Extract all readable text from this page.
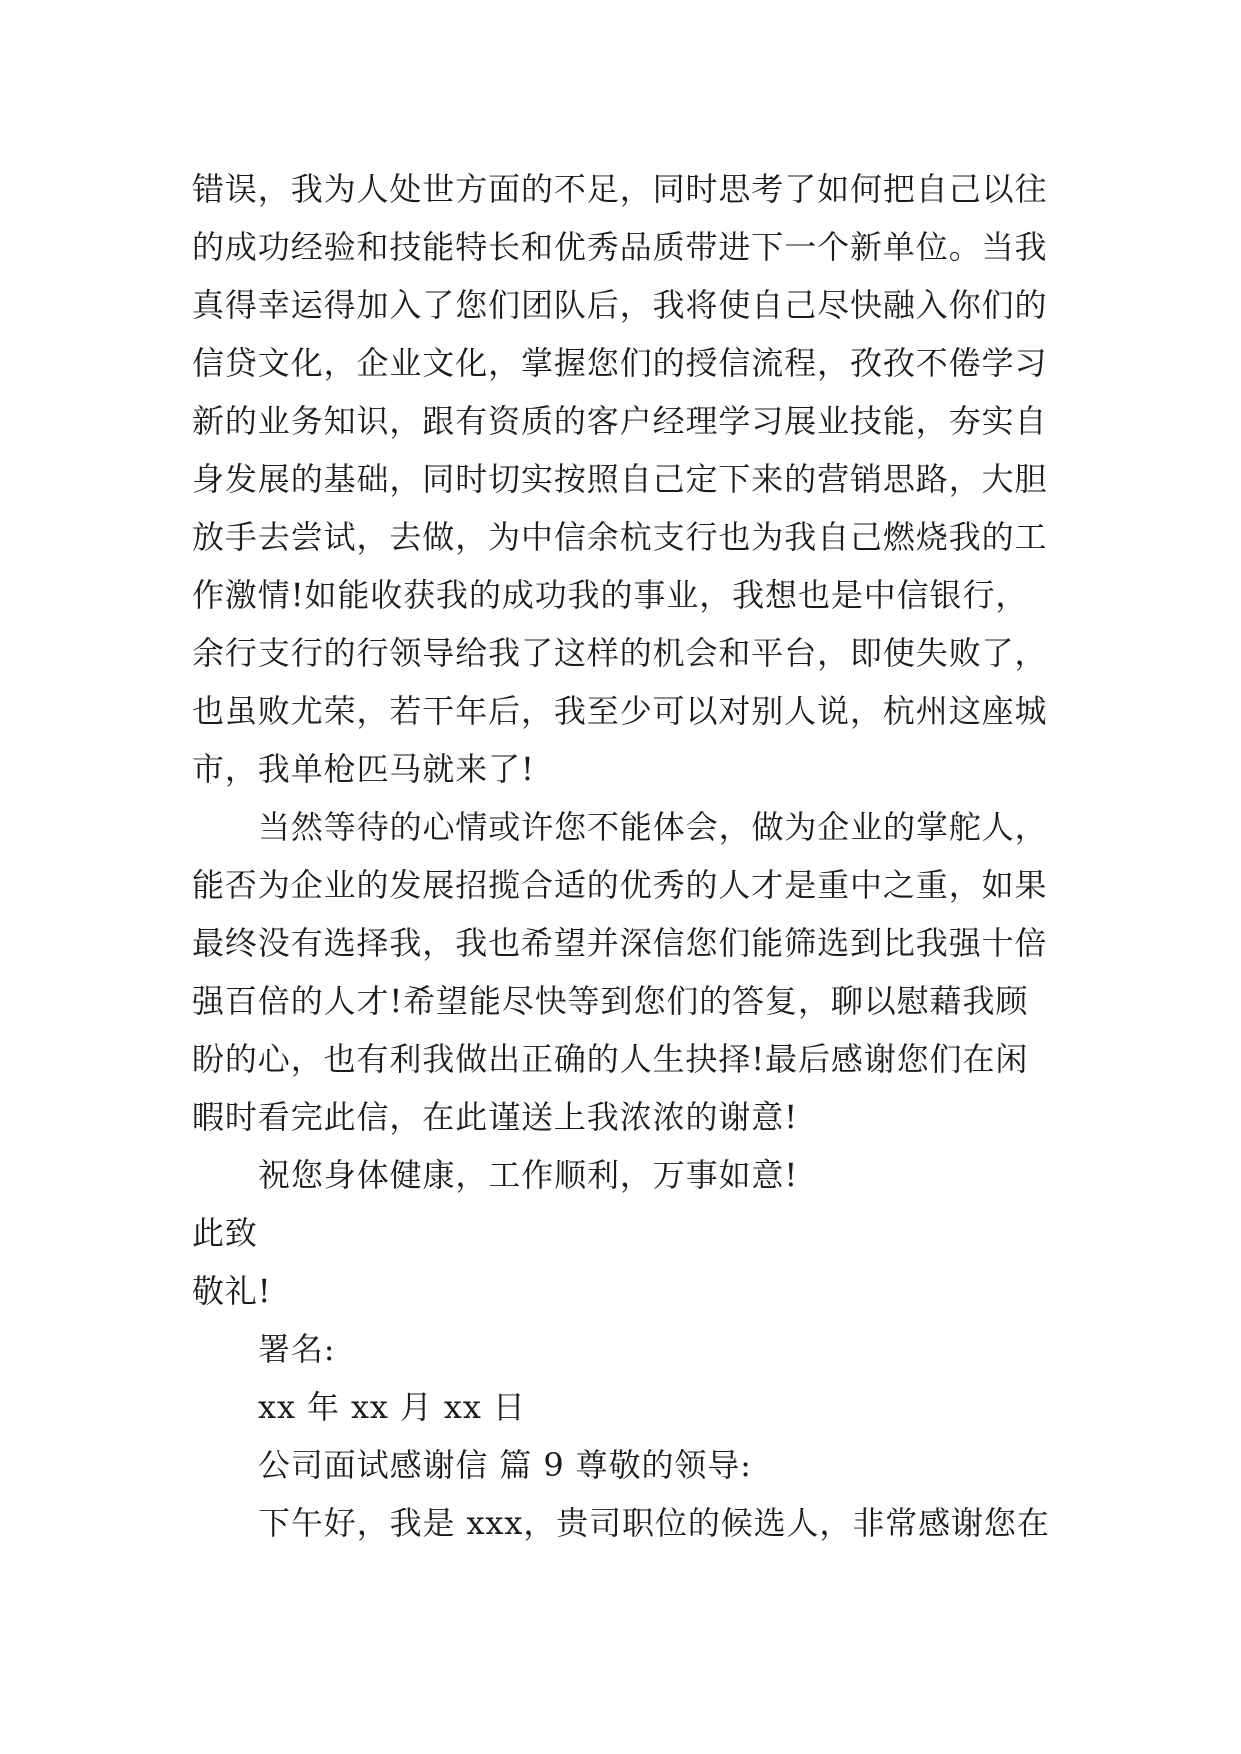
错误，我为人处世方面的不足，同时思考了如何把自己以往
的成功经验和技能特长和优秀品质带进下一个新单位。当我
真得幸运得加入了您们团队后，我将使自己尽快融入你们的
信贷文化，企业文化，掌握您们的授信流程，孜孜不倦学习
新的业务知识，跟有资质的客户经理学习展业技能，夯实自
身发展的基础，同时切实按照自己定下来的营销思路，大胆
放手去尝试，去做，为中信余杭支行也为我自己燃烧我的工
作激情!如能收获我的成功我的事业，我想也是中信银行，
余行支行的行领导给我了这样的机会和平台，即使失败了，
也虽败尤荣，若干年后，我至少可以对别人说，杭州这座城
市，我单枪匹马就来了!
当然等待的心情或许您不能体会，做为企业的掌舵人，
能否为企业的发展招揽合适的优秀的人才是重中之重，如果
最终没有选择我，我也希望并深信您们能筛选到比我强十倍
强百倍的人才!希望能尽快等到您们的答复，聊以慰藉我顾
盼的心，也有利我做出正确的人生抉择!最后感谢您们在闲
暇时看完此信，在此谨送上我浓浓的谢意!
祝您身体健康，工作顺利，万事如意!
此致
敬礼!
署名:
xx 年 xx 月 xx 日
公司面试感谢信 篇 9 尊敬的领导:
下午好，我是 xxx，贵司职位的候选人，非常感谢您在
